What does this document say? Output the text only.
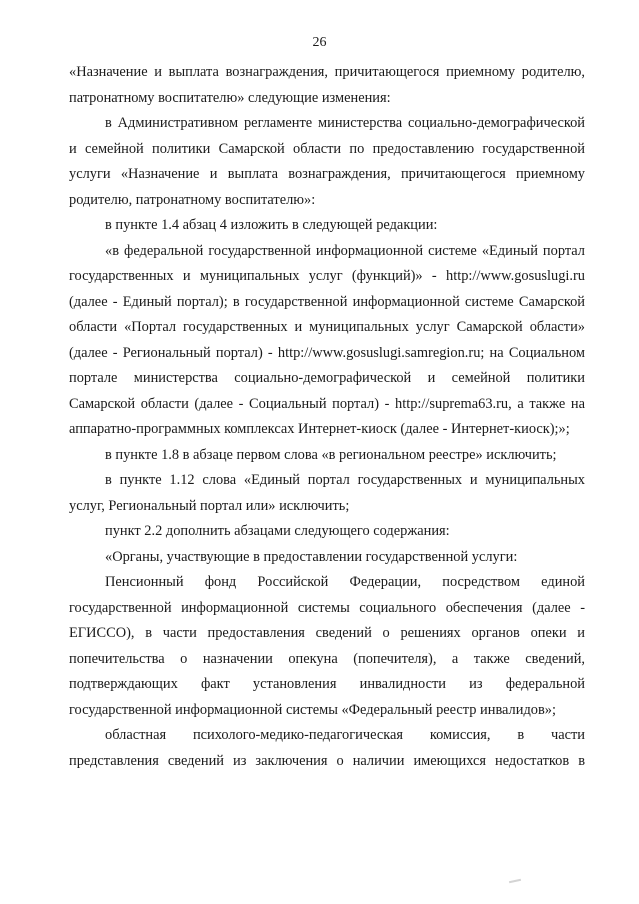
26

«Назначение и выплата вознаграждения, причитающегося приемному родителю, патронатному воспитателю» следующие изменения:

в Административном регламенте министерства социально-демографической и семейной политики Самарской области по предоставлению государственной услуги «Назначение и выплата вознаграждения, причитающегося приемному родителю, патронатному воспитателю»:

в пункте 1.4 абзац 4 изложить в следующей редакции:

«в федеральной государственной информационной системе «Единый портал государственных и муниципальных услуг (функций)» - http://www.gosuslugi.ru (далее - Единый портал); в государственной информационной системе Самарской области «Портал государственных и муниципальных услуг Самарской области» (далее - Региональный портал) - http://www.gosuslugi.samregion.ru; на Социальном портале министерства социально-демографической и семейной политики Самарской области (далее - Социальный портал) - http://suprema63.ru, а также на аппаратно-программных комплексах Интернет-киоск (далее - Интернет-киоск);»;

в пункте 1.8 в абзаце первом слова «в региональном реестре» исключить;

в пункте 1.12 слова «Единый портал государственных и муниципальных услуг, Региональный портал или» исключить;

пункт 2.2 дополнить абзацами следующего содержания:

«Органы, участвующие в предоставлении государственной услуги:

Пенсионный фонд Российской Федерации, посредством единой государственной информационной системы социального обеспечения (далее - ЕГИССО), в части предоставления сведений о решениях органов опеки и попечительства о назначении опекуна (попечителя), а также сведений, подтверждающих факт установления инвалидности из федеральной государственной информационной системы «Федеральный реестр инвалидов»;

областная психолого-медико-педагогическая комиссия, в части представления сведений из заключения о наличии имеющихся недостатков в
